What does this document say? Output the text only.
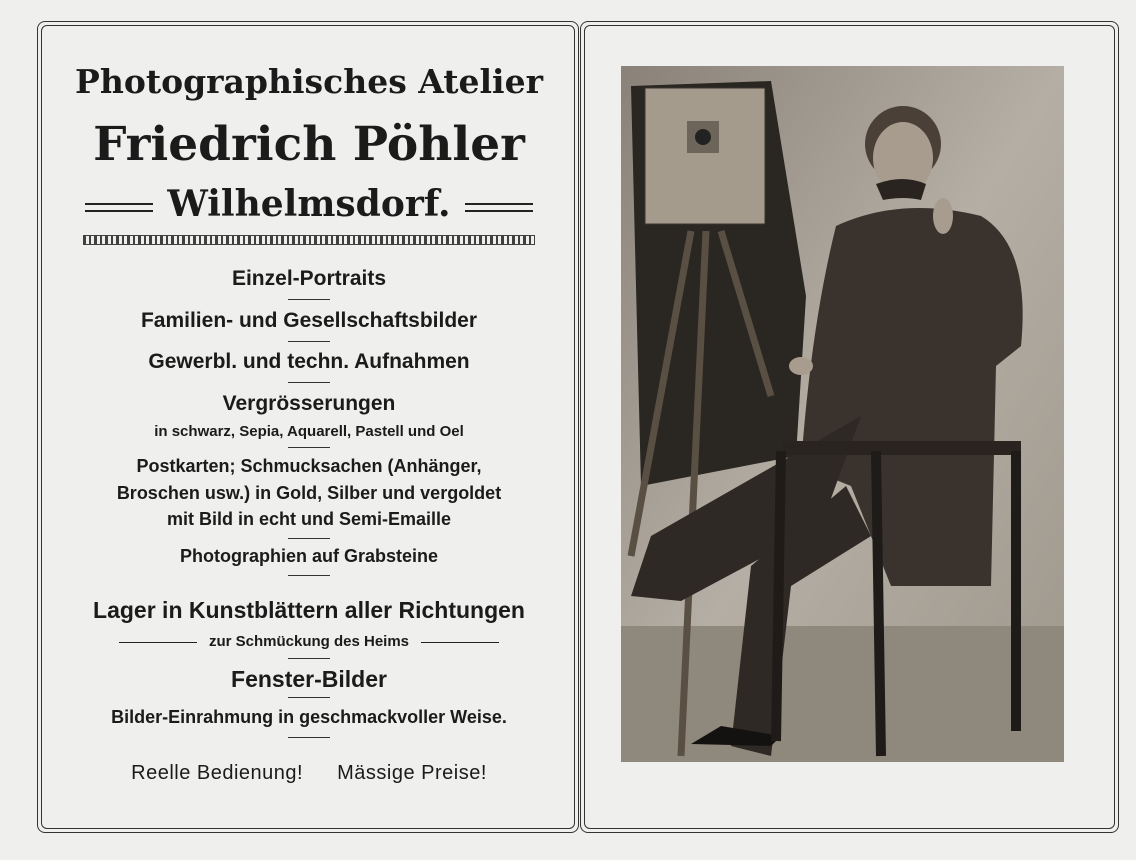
Photographisches Atelier
Friedrich Pöhler
Wilhelmsdorf.
Einzel-Portraits
Familien- und Gesellschaftsbilder
Gewerbl. und techn. Aufnahmen
Vergrösserungen
in schwarz, Sepia, Aquarell, Pastell und Oel
Postkarten; Schmucksachen (Anhänger,
Broschen usw.) in Gold, Silber und vergoldet
mit Bild in echt und Semi-Emaille
Photographien auf Grabsteine
Lager in Kunstblättern aller Richtungen
zur Schmückung des Heims
Fenster-Bilder
Bilder-Einrahmung in geschmackvoller Weise.
Reelle Bedienung! Mässige Preise!
